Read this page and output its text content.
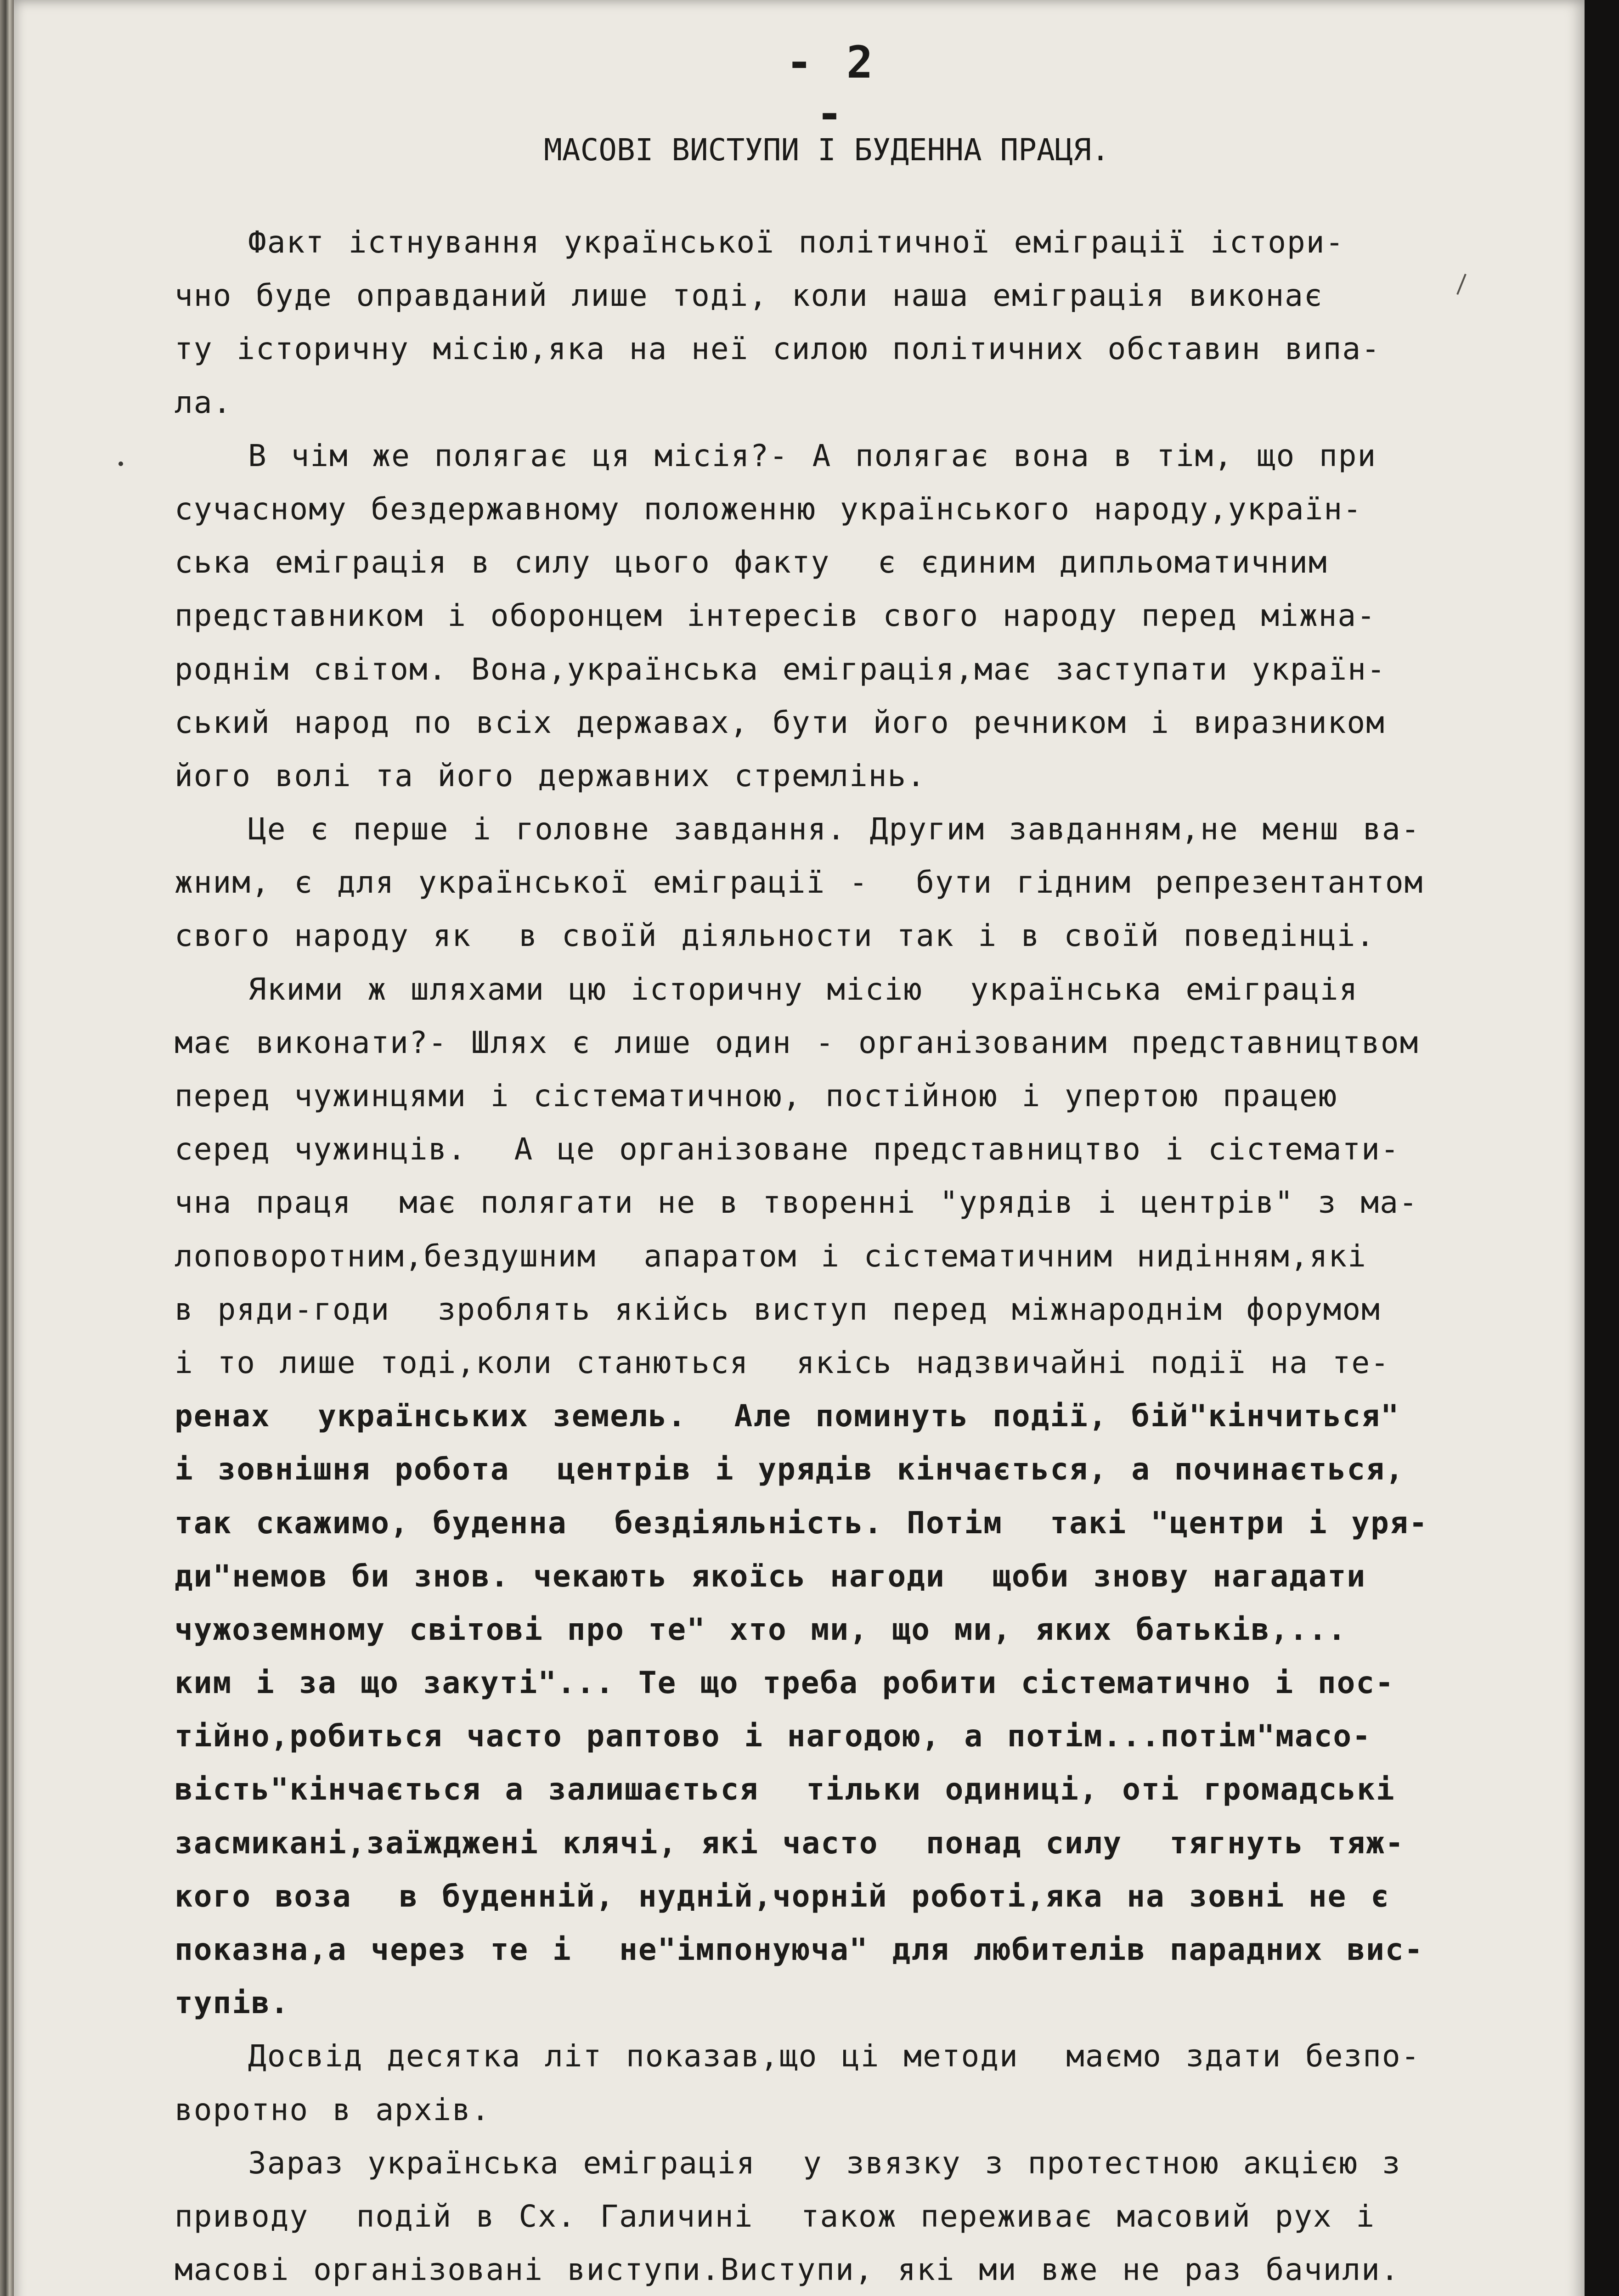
- 2 -
МАСОВІ ВИСТУПИ І БУДЕННА ПРАЦЯ.
Факт істнування української політичної еміграції істори-
чно буде оправданий лише тоді, коли наша еміграція виконає
ту історичну місію,яка на неї силою політичних обставин випа-
ла.
В чім же полягає ця місія?- А полягає вона в тім, що при
сучасному бездержавному положенню українського народу,україн-
ська еміграція в силу цього факту  є єдиним дипльоматичним
представником і оборонцем інтересів свого народу перед міжна-
роднім світом. Вона,українська еміграція,має заступати україн-
ський народ по всіх державах, бути його речником і виразником
його волі та його державних стремлінь.
Це є перше і головне завдання. Другим завданням,не менш ва-
жним, є для української еміграції -  бути гідним репрезентантом
свого народу як  в своїй діяльности так і в своїй поведінці.
Якими ж шляхами цю історичну місію  українська еміграція
має виконати?- Шлях є лише один - організованим представництвом
перед чужинцями і сістематичною, постійною і упертою працею
серед чужинців.  А це організоване представництво і сістемати-
чна праця  має полягати не в творенні "урядів і центрів" з ма-
лоповоротним,бездушним  апаратом і сістематичним нидінням,які
в ряди-годи  зроблять якійсь виступ перед міжнароднім форумом
і то лише тоді,коли станються  якісь надзвичайні події на те-
ренах  українських земель.  Але поминуть події, бій"кінчиться"
і зовнішня робота  центрів і урядів кінчається, а починається,
так скажимо, буденна  бездіяльність. Потім  такі "центри і уря-
ди"немов би знов. чекають якоїсь нагоди  щоби знову нагадати
чужоземному світові про те" хто ми, що ми, яких батьків,...
ким і за що закуті"... Те що треба робити сістематично і пос-
тійно,робиться часто раптово і нагодою, а потім...потім"масо-
вість"кінчається а залишається  тільки одиниці, оті громадські
засмикані,заїжджені клячі, які часто  понад силу  тягнуть тяж-
кого воза  в буденній, нудній,чорній роботі,яка на зовні не є
показна,а через те і  не"імпонуюча" для любителів парадних вис-
тупів.
Досвід десятка літ показав,що ці методи  маємо здати безпо-
воротно в архів.
Зараз українська еміграція  у звязку з протестною акцією з
приводу  подій в Сх. Галичині  також переживає масовий рух і
масові організовані виступи.Виступи, які ми вже не раз бачили.
